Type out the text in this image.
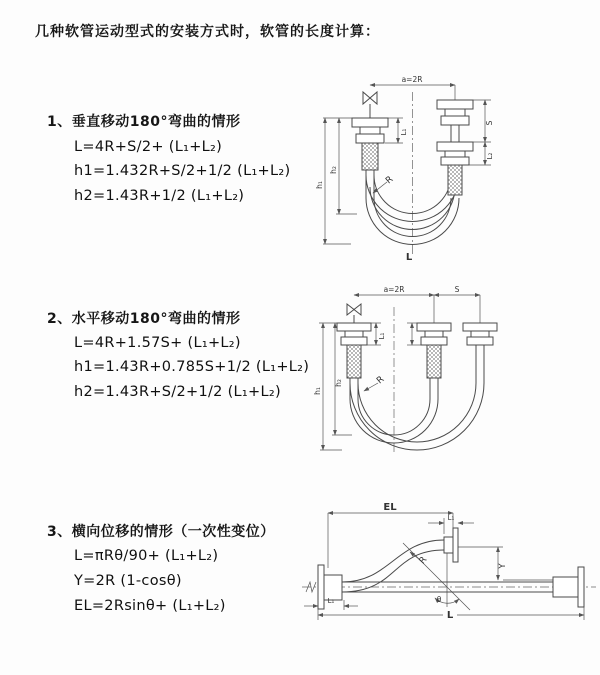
几种软管运动型式的安装方式时，软管的长度计算：
1、垂直移动180°弯曲的情形
L=4R+S/2+ (L₁+L₂)
h1=1.432R+S/2+1/2 (L₁+L₂)
h2=1.43R+1/2 (L₁+L₂)
2、水平移动180°弯曲的情形
L=4R+1.57S+ (L₁+L₂)
h1=1.43R+0.785S+1/2 (L₁+L₂)
h2=1.43R+S/2+1/2 (L₁+L₂)
3、横向位移的情形（一次性变位）
L=πRθ/90+ (L₁+L₂)
Y=2R (1-cosθ)
EL=2Rsinθ+ (L₁+L₂)
a=2R
h₁
h₂
L₁
S
L₂
R
L
a=2R	S
h₁
h₂
L₁
R
EL
L₁
Y
R
θ
L
L₁
